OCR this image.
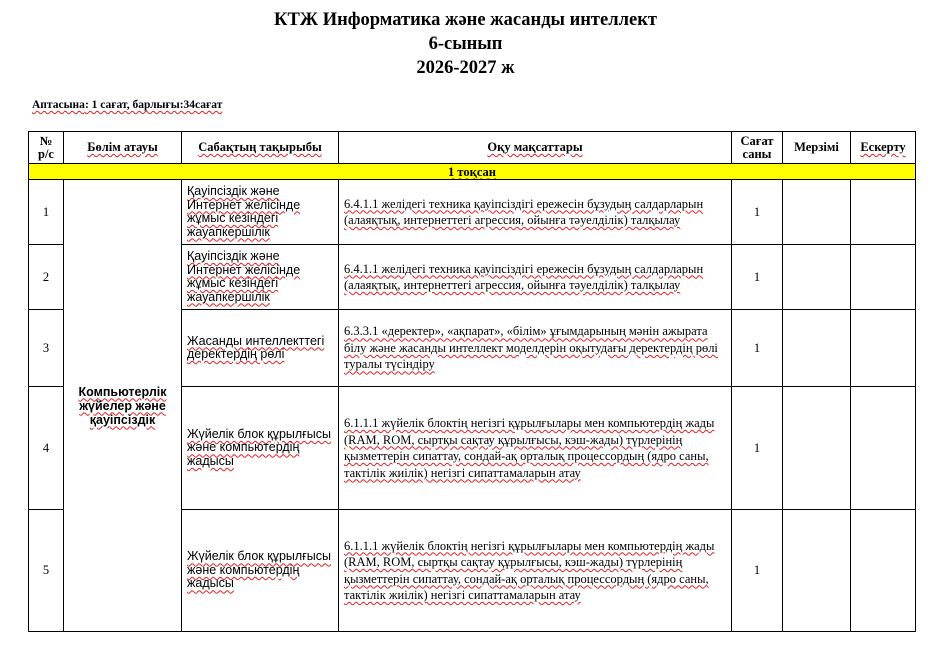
КТЖ Информатика және жасанды интеллект
6-сынып
2026-2027 ж
Аптасына: 1 сағат, барлығы:34сағат
№ р/с	Бөлім атауы	Сабақтың тақырыбы	Оқу мақсаттары	Сағат саны	Мерзімі	Ескерту
1 тоқсан						
1	Компьютерлік жүйелер және қауіпсіздік	Қауіпсіздік және Интернет желісінде жұмыс кезіндегі жауапкершілік	6.4.1.1 желідегі техника қауіпсіздігі ережесін бұзудың салдарларын (алаяқтық, интернеттегі агрессия, ойынға тәуелділік) талқылау	1		
2		Қауіпсіздік және Интернет желісінде жұмыс кезіндегі жауапкершілік	6.4.1.1 желідегі техника қауіпсіздігі ережесін бұзудың салдарларын (алаяқтық, интернеттегі агрессия, ойынға тәуелділік) талқылау	1		
3		Жасанды интеллекттегі деректердің рөлі	6.3.3.1 «деректер», «ақпарат», «білім» ұғымдарының мәнін ажырата білу және жасанды интеллект моделдерін оқытудағы деректердің рөлі туралы түсіндіру	1		
4		Жүйелік блок құрылғысы және компьютердің жадысы	6.1.1.1 жүйелік блоктің негізгі құрылғылары мен компьютердің жады (RAM, ROM, сыртқы сақтау құрылғысы, кэш-жады) түрлерінің қызметтерін сипаттау, сондай-ақ орталық процессордың (ядро саны, тактілік жиілік) негізгі сипаттамаларын атау	1		
5		Жүйелік блок құрылғысы және компьютердің жадысы	6.1.1.1 жүйелік блоктің негізгі құрылғылары мен компьютердің жады (RAM, ROM, сыртқы сақтау құрылғысы, кэш-жады) түрлерінің қызметтерін сипаттау, сондай-ақ орталық процессордың (ядро саны, тактілік жиілік) негізгі сипаттамаларын атау	1		
